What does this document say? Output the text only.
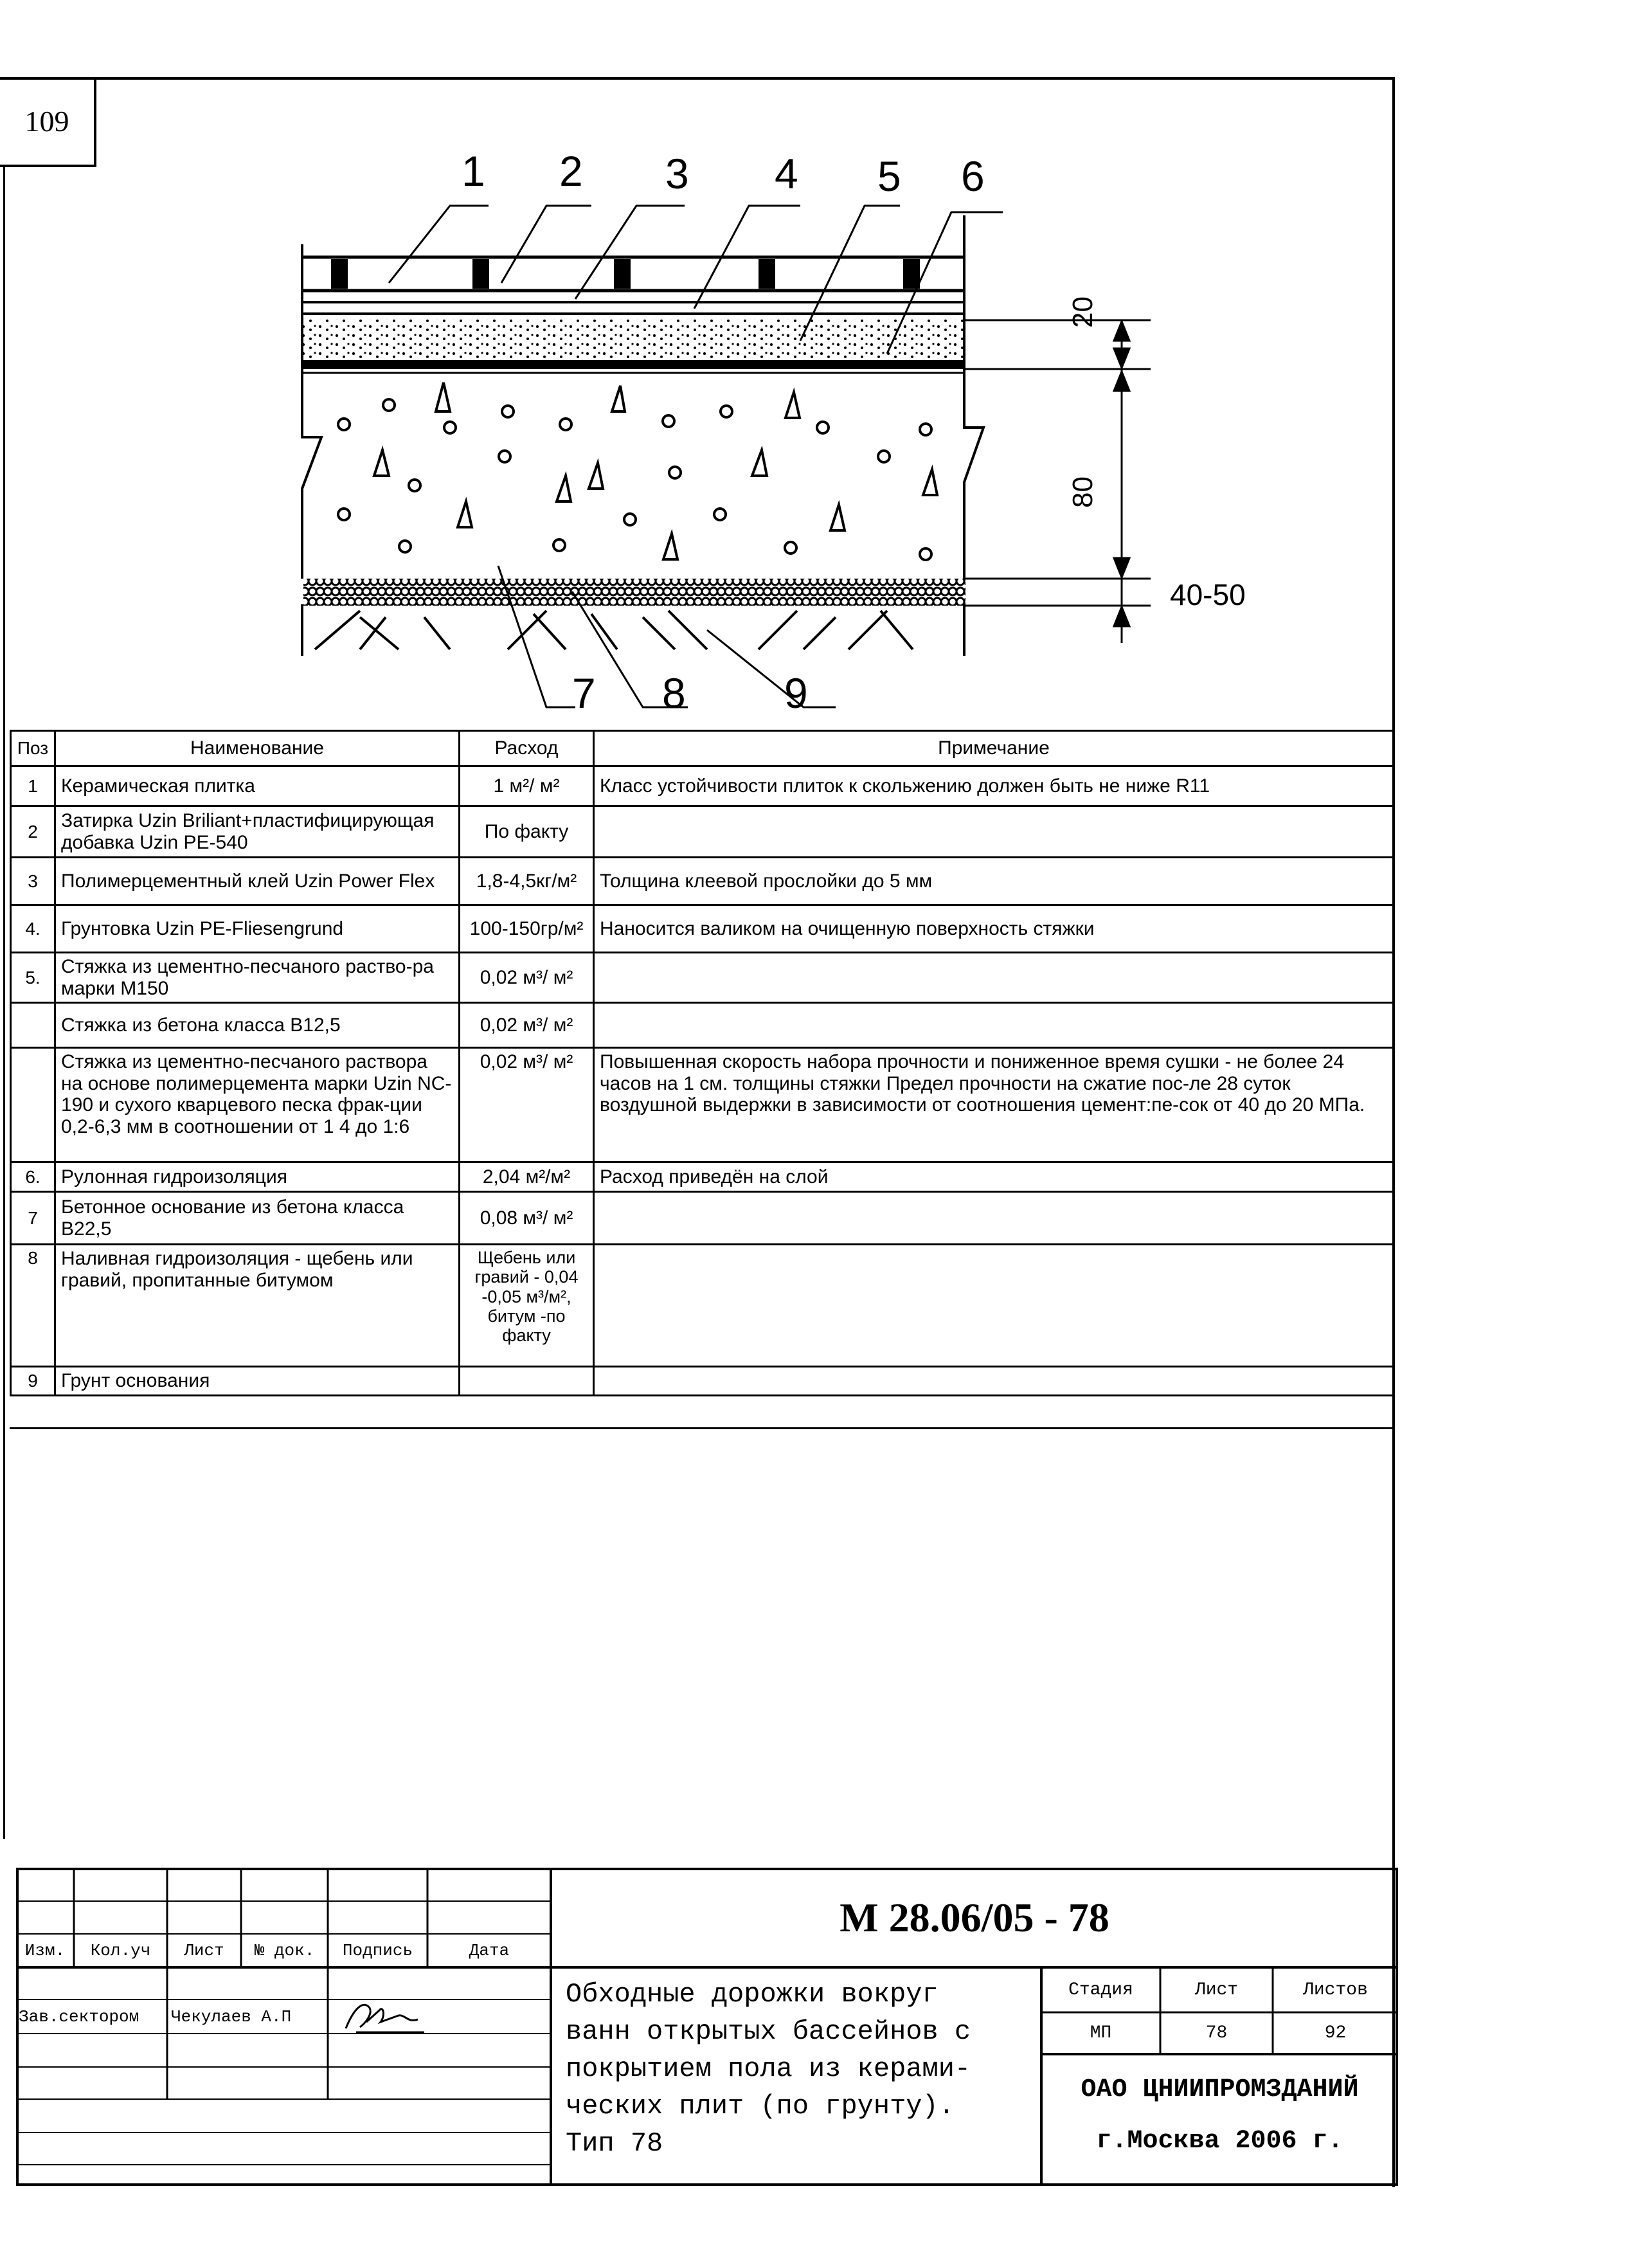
109
1 2 3 4 5 6
7 8 9
20
80
40-50
Поз	Наименование	Расход	Примечание
1	Керамическая плитка	1 м²/ м²	Класс устойчивости плиток к скольжению должен быть не ниже R11
2	Затирка Uzin Briliant+пластифицирующая добавка Uzin PE-540	По факту	
3	Полимерцементный клей Uzin Power Flex	1,8-4,5кг/м²	Толщина клеевой прослойки до 5 мм
4.	Грунтовка Uzin PE-Fliesengrund	100-150гр/м²	Наносится валиком на очищенную поверхность стяжки
5.	Стяжка из цементно-песчаного раство-ра марки М150	0,02 м³/ м²	
	Стяжка из бетона класса В12,5	0,02 м³/ м²	
	Стяжка из цементно-песчаного раствора на основе полимерцемента марки Uzin NC-190 и сухого кварцевого песка фрак-ции 0,2-6,3 мм в соотношении от 1 4 до 1:6	0,02 м³/ м²	Повышенная скорость набора прочности и пониженное время сушки - не более 24 часов на 1 см. толщины стяжки Предел прочности на сжатие пос-ле 28 суток воздушной выдержки в зависимости от соотношения цемент:пе-сок от 40 до 20 МПа.
6.	Рулонная гидроизоляция	2,04 м²/м²	Расход приведён на слой
7	Бетонное основание из бетона класса В22,5	0,08 м³/ м²	
8	Наливная гидроизоляция - щебень или гравий, пропитанные битумом	Щебень или гравий - 0,04 -0,05 м³/м², битум -по факту	
9	Грунт основания		
М 28.06/05 - 78
Изм.	Кол.уч	Лист	№ док.	Подпись	Дата
Зав.сектором	Чекулаев А.П
Обходные дорожки вокруг
ванн открытых бассейнов с
покрытием пола из керами-
ческих плит (по грунту).
Тип 78
Стадия	Лист	Листов
МП	78	92
ОАО ЦНИИПРОМЗДАНИЙ
г.Москва 2006 г.
